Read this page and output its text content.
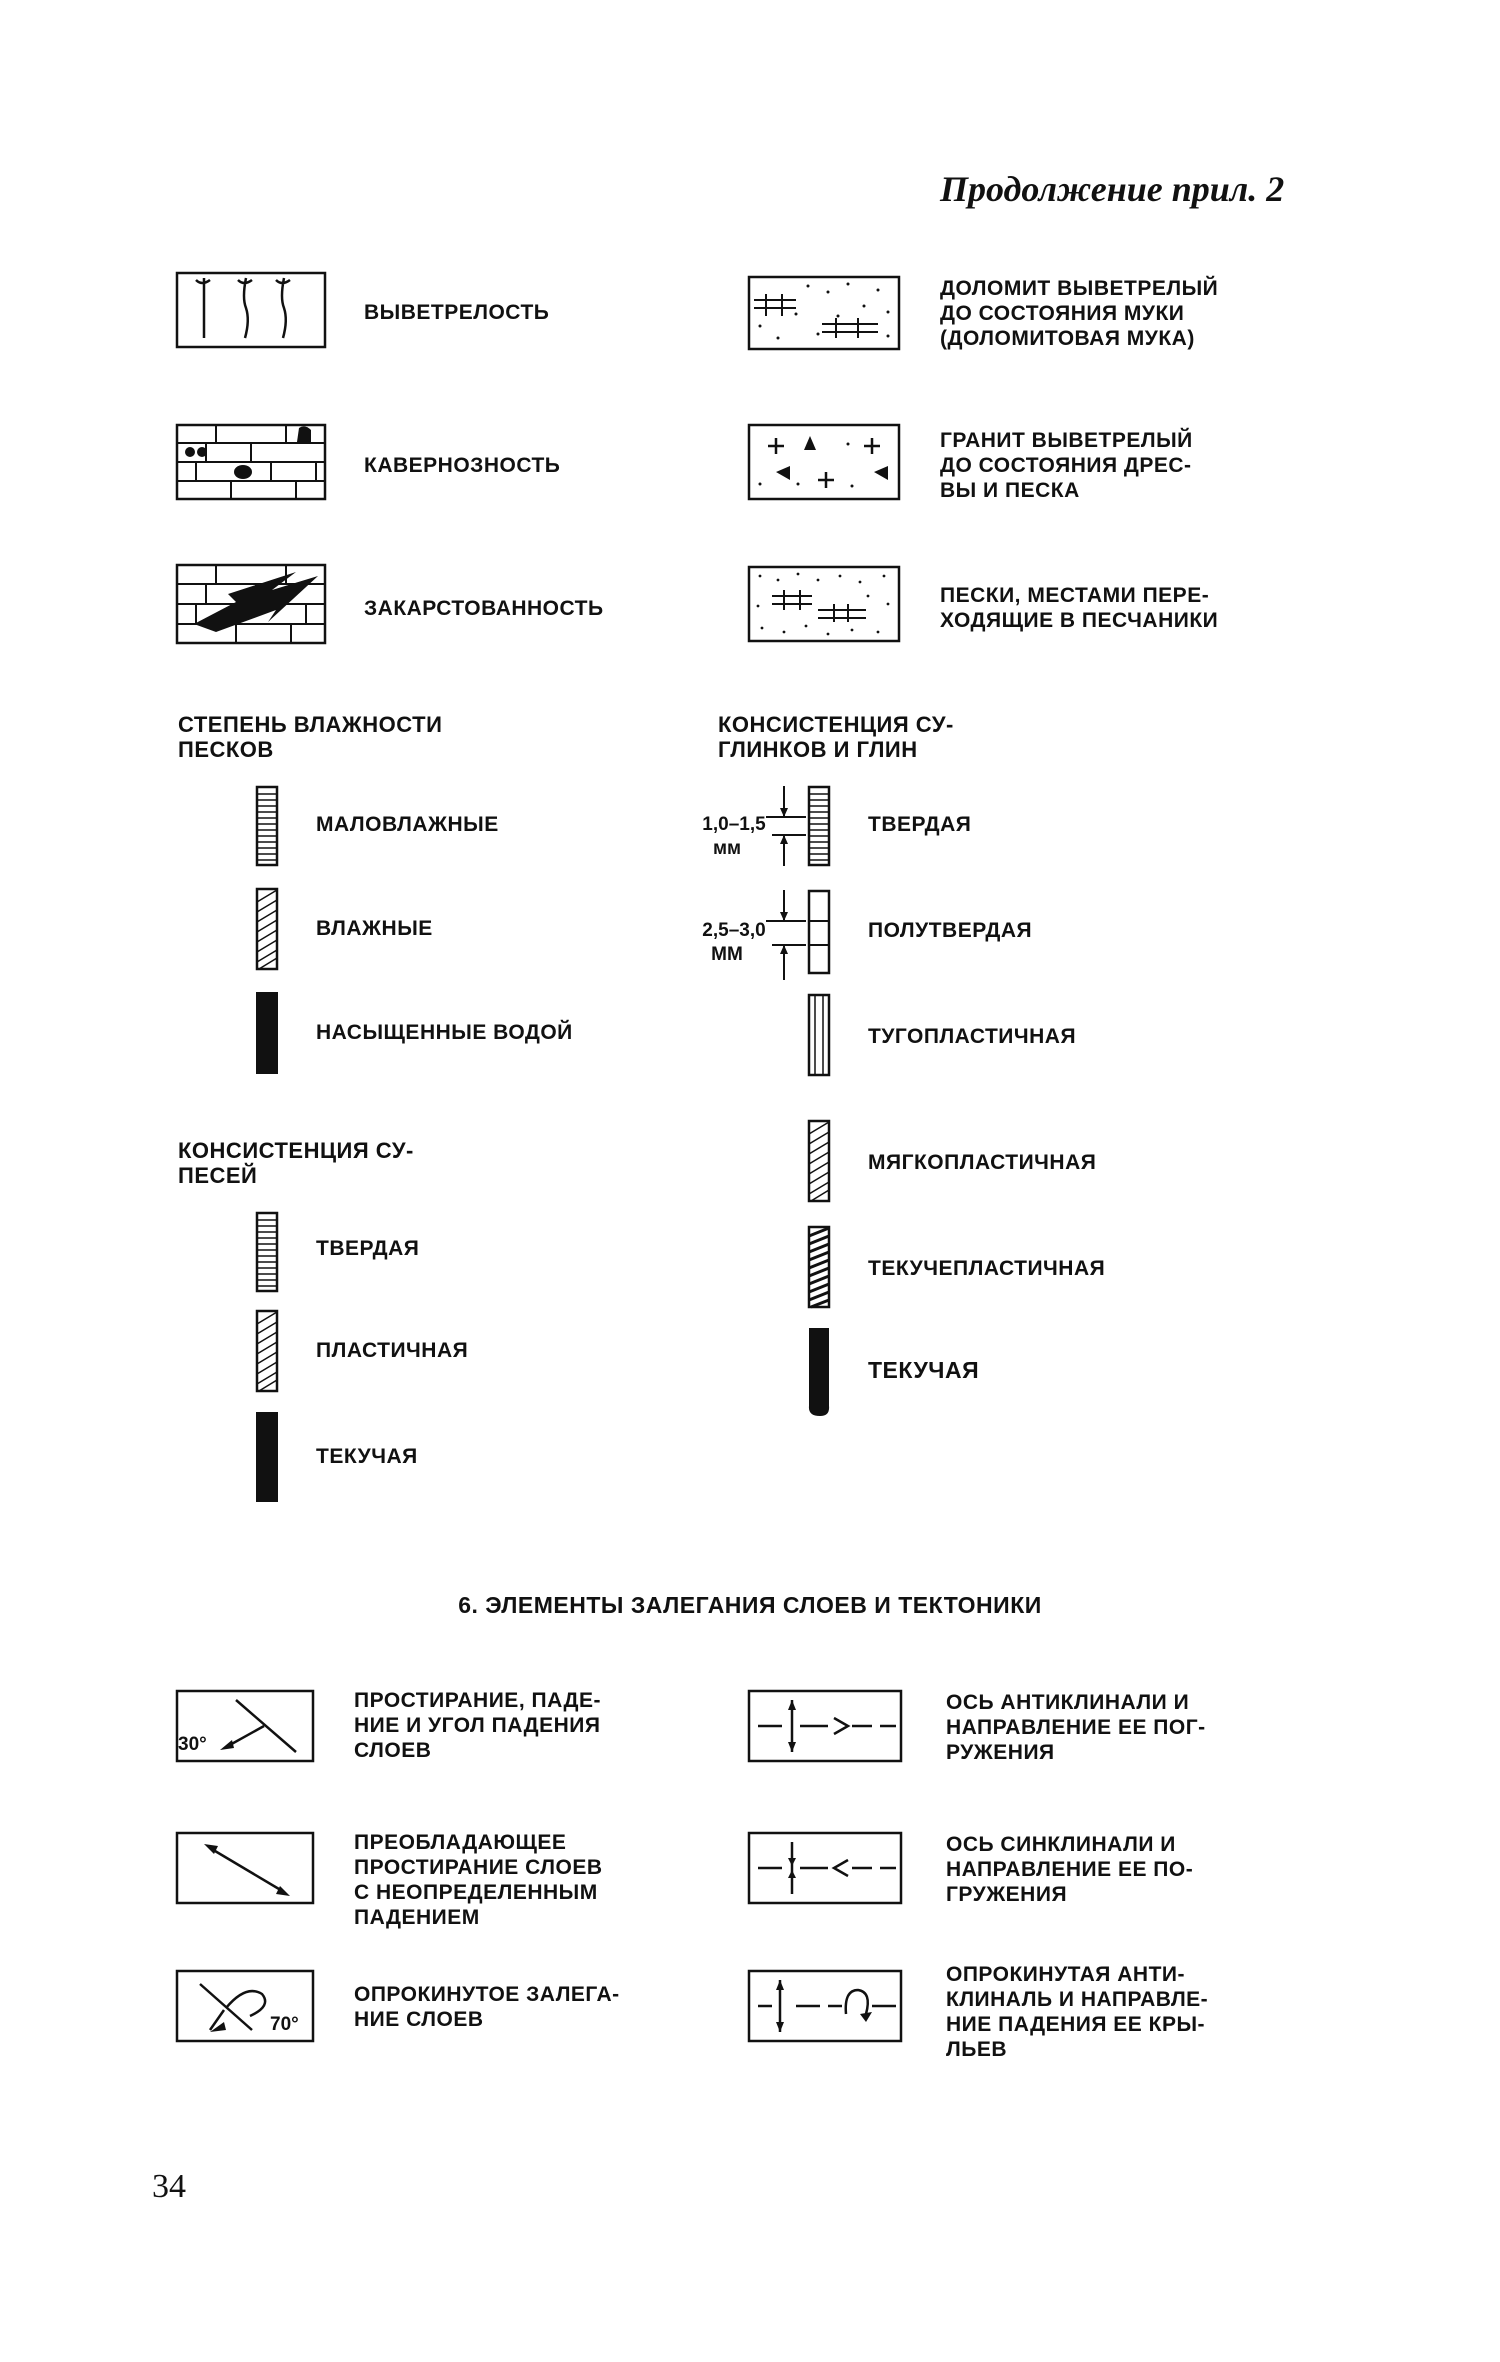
Продолжение прил. 2
ВЫВЕТРЕЛОСТЬ
КАВЕРНОЗНОСТЬ
ЗАКАРСТОВАННОСТЬ
ДОЛОМИТ ВЫВЕТРЕЛЫЙ
ДО СОСТОЯНИЯ МУКИ
(ДОЛОМИТОВАЯ МУКА)
ГРАНИТ ВЫВЕТРЕЛЫЙ
ДО СОСТОЯНИЯ ДРЕС-
ВЫ И ПЕСКА
ПЕСКИ, МЕСТАМИ ПЕРЕ-
ХОДЯЩИЕ В ПЕСЧАНИКИ
СТЕПЕНЬ ВЛАЖНОСТИ
ПЕСКОВ
МАЛОВЛАЖНЫЕ
ВЛАЖНЫЕ
НАСЫЩЕННЫЕ ВОДОЙ
КОНСИСТЕНЦИЯ СУ-
ПЕСЕЙ
ТВЕРДАЯ
ПЛАСТИЧНАЯ
ТЕКУЧАЯ
КОНСИСТЕНЦИЯ СУ-
ГЛИНКОВ И ГЛИН
1,0–1,5
мм
ТВЕРДАЯ
2,5–3,0
ММ
ПОЛУТВЕРДАЯ
ТУГОПЛАСТИЧНАЯ
МЯГКОПЛАСТИЧНАЯ
ТЕКУЧЕПЛАСТИЧНАЯ
ТЕКУЧАЯ
6. ЭЛЕМЕНТЫ ЗАЛЕГАНИЯ СЛОЕВ И ТЕКТОНИКИ
30°
ПРОСТИРАНИЕ, ПАДЕ-
НИЕ И УГОЛ ПАДЕНИЯ
СЛОЕВ
ПРЕОБЛАДАЮЩЕЕ
ПРОСТИРАНИЕ СЛОЕВ
С НЕОПРЕДЕЛЕННЫМ
ПАДЕНИЕМ
70°
ОПРОКИНУТОЕ ЗАЛЕГА-
НИЕ СЛОЕВ
ОСЬ АНТИКЛИНАЛИ И
НАПРАВЛЕНИЕ ЕЕ ПОГ-
РУЖЕНИЯ
ОСЬ СИНКЛИНАЛИ И
НАПРАВЛЕНИЕ ЕЕ ПО-
ГРУЖЕНИЯ
ОПРОКИНУТАЯ АНТИ-
КЛИНАЛЬ И НАПРАВЛЕ-
НИЕ ПАДЕНИЯ ЕЕ КРЫ-
ЛЬЕВ
34
